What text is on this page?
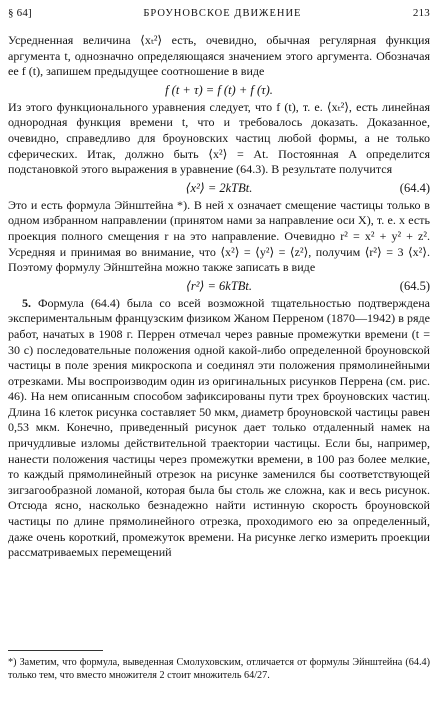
§ 64]	БРОУНОВСКОЕ ДВИЖЕНИЕ	213

Усредненная величина ⟨xₜ²⟩ есть, очевидно, обычная регулярная функция аргумента t, однозначно определяющаяся значением этого аргумента. Обозначая ее f (t), запишем предыдущее соотношение в виде

f (t + τ) = f (t) + f (τ).

Из этого функционального уравнения следует, что f (t), т. е. ⟨xₜ²⟩, есть линейная однородная функция времени t, что и требовалось доказать. Доказанное, очевидно, справедливо для броуновских частиц любой формы, а не только сферических. Итак, должно быть ⟨x²⟩ = At. Постоянная A определится подстановкой этого выражения в уравнение (64.3). В результате получится

⟨x²⟩ = 2kTBt.	(64.4)

Это и есть формула Эйнштейна *). В ней x означает смещение частицы только в одном избранном направлении (принятом нами за направление оси X), т. е. x есть проекция полного смещения r на это направление. Очевидно r² = x² + y² + z². Усредняя и принимая во внимание, что ⟨x²⟩ = ⟨y²⟩ = ⟨z²⟩, получим ⟨r²⟩ = 3 ⟨x²⟩. Поэтому формулу Эйнштейна можно также записать в виде

⟨r²⟩ = 6kTBt.	(64.5)

5. Формула (64.4) была со всей возможной тщательностью подтверждена экспериментальным французским физиком Жаном Перреном (1870—1942) в ряде работ, начатых в 1908 г. Перрен отмечал через равные промежутки времени (t = 30 с) последовательные положения одной какой-либо определенной броуновской частицы в поле зрения микроскопа и соединял эти положения прямолинейными отрезками. Мы воспроизводим один из оригинальных рисунков Перрена (см. рис. 46). На нем описанным способом зафиксированы пути трех броуновских частиц. Длина 16 клеток рисунка составляет 50 мкм, диаметр броуновской частицы равен 0,53 мкм. Конечно, приведенный рисунок дает только отдаленный намек на причудливые изломы действительной траектории частицы. Если бы, например, нанести положения частицы через промежутки времени, в 100 раз более мелкие, то каждый прямолинейный отрезок на рисунке заменился бы соответствующей зигзагообразной ломаной, которая была бы столь же сложна, как и весь рисунок. Отсюда ясно, насколько безнадежно найти истинную скорость броуновской частицы по длине прямолинейного отрезка, проходимого ею за определенный, даже очень короткий, промежуток времени. На рисунке легко измерить проекции рассматриваемых перемещений

*) Заметим, что формула, выведенная Смолуховским, отличается от формулы Эйнштейна (64.4) только тем, что вместо множителя 2 стоит множитель 64/27.
